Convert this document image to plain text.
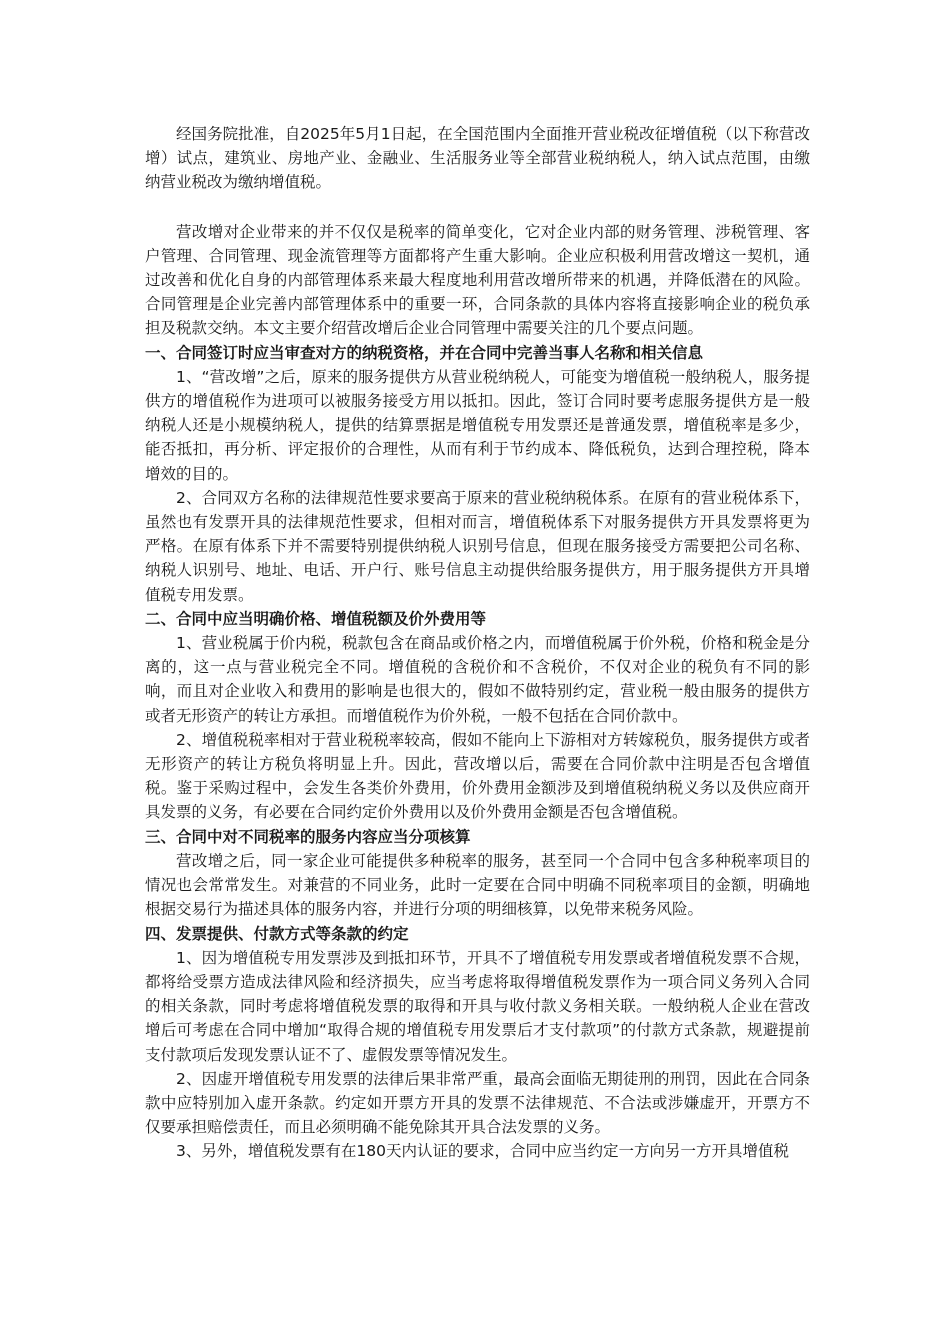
经国务院批准，自2025年5月1日起，在全国范围内全面推开营业税改征增值税（以下称营改增）试点，建筑业、房地产业、金融业、生活服务业等全部营业税纳税人，纳入试点范围，由缴纳营业税改为缴纳增值税。

营改增对企业带来的并不仅仅是税率的简单变化，它对企业内部的财务管理、涉税管理、客户管理、合同管理、现金流管理等方面都将产生重大影响。企业应积极利用营改增这一契机，通过改善和优化自身的内部管理体系来最大程度地利用营改增所带来的机遇，并降低潜在的风险。合同管理是企业完善内部管理体系中的重要一环，合同条款的具体内容将直接影响企业的税负承担及税款交纳。本文主要介绍营改增后企业合同管理中需要关注的几个要点问题。

一、合同签订时应当审查对方的纳税资格，并在合同中完善当事人名称和相关信息

1、“营改增”之后，原来的服务提供方从营业税纳税人，可能变为增值税一般纳税人，服务提供方的增值税作为进项可以被服务接受方用以抵扣。因此，签订合同时要考虑服务提供方是一般纳税人还是小规模纳税人，提供的结算票据是增值税专用发票还是普通发票，增值税率是多少，能否抵扣，再分析、评定报价的合理性，从而有利于节约成本、降低税负，达到合理控税，降本增效的目的。

2、合同双方名称的法律规范性要求要高于原来的营业税纳税体系。在原有的营业税体系下，虽然也有发票开具的法律规范性要求，但相对而言，增值税体系下对服务提供方开具发票将更为严格。在原有体系下并不需要特别提供纳税人识别号信息，但现在服务接受方需要把公司名称、纳税人识别号、地址、电话、开户行、账号信息主动提供给服务提供方，用于服务提供方开具增值税专用发票。

二、合同中应当明确价格、增值税额及价外费用等

1、营业税属于价内税，税款包含在商品或价格之内，而增值税属于价外税，价格和税金是分离的，这一点与营业税完全不同。增值税的含税价和不含税价，不仅对企业的税负有不同的影响，而且对企业收入和费用的影响是也很大的，假如不做特别约定，营业税一般由服务的提供方或者无形资产的转让方承担。而增值税作为价外税，一般不包括在合同价款中。

2、增值税税率相对于营业税税率较高，假如不能向上下游相对方转嫁税负，服务提供方或者无形资产的转让方税负将明显上升。因此，营改增以后，需要在合同价款中注明是否包含增值税。鉴于采购过程中，会发生各类价外费用，价外费用金额涉及到增值税纳税义务以及供应商开具发票的义务，有必要在合同约定价外费用以及价外费用金额是否包含增值税。

三、合同中对不同税率的服务内容应当分项核算

营改增之后，同一家企业可能提供多种税率的服务，甚至同一个合同中包含多种税率项目的情况也会常常发生。对兼营的不同业务，此时一定要在合同中明确不同税率项目的金额，明确地根据交易行为描述具体的服务内容，并进行分项的明细核算，以免带来税务风险。

四、发票提供、付款方式等条款的约定

1、因为增值税专用发票涉及到抵扣环节，开具不了增值税专用发票或者增值税发票不合规，都将给受票方造成法律风险和经济损失，应当考虑将取得增值税发票作为一项合同义务列入合同的相关条款，同时考虑将增值税发票的取得和开具与收付款义务相关联。一般纳税人企业在营改增后可考虑在合同中增加“取得合规的增值税专用发票后才支付款项”的付款方式条款，规避提前支付款项后发现发票认证不了、虚假发票等情况发生。

2、因虚开增值税专用发票的法律后果非常严重，最高会面临无期徒刑的刑罚，因此在合同条款中应特别加入虚开条款。约定如开票方开具的发票不法律规范、不合法或涉嫌虚开，开票方不仅要承担赔偿责任，而且必须明确不能免除其开具合法发票的义务。

3、另外，增值税发票有在180天内认证的要求，合同中应当约定一方向另一方开具增值税
